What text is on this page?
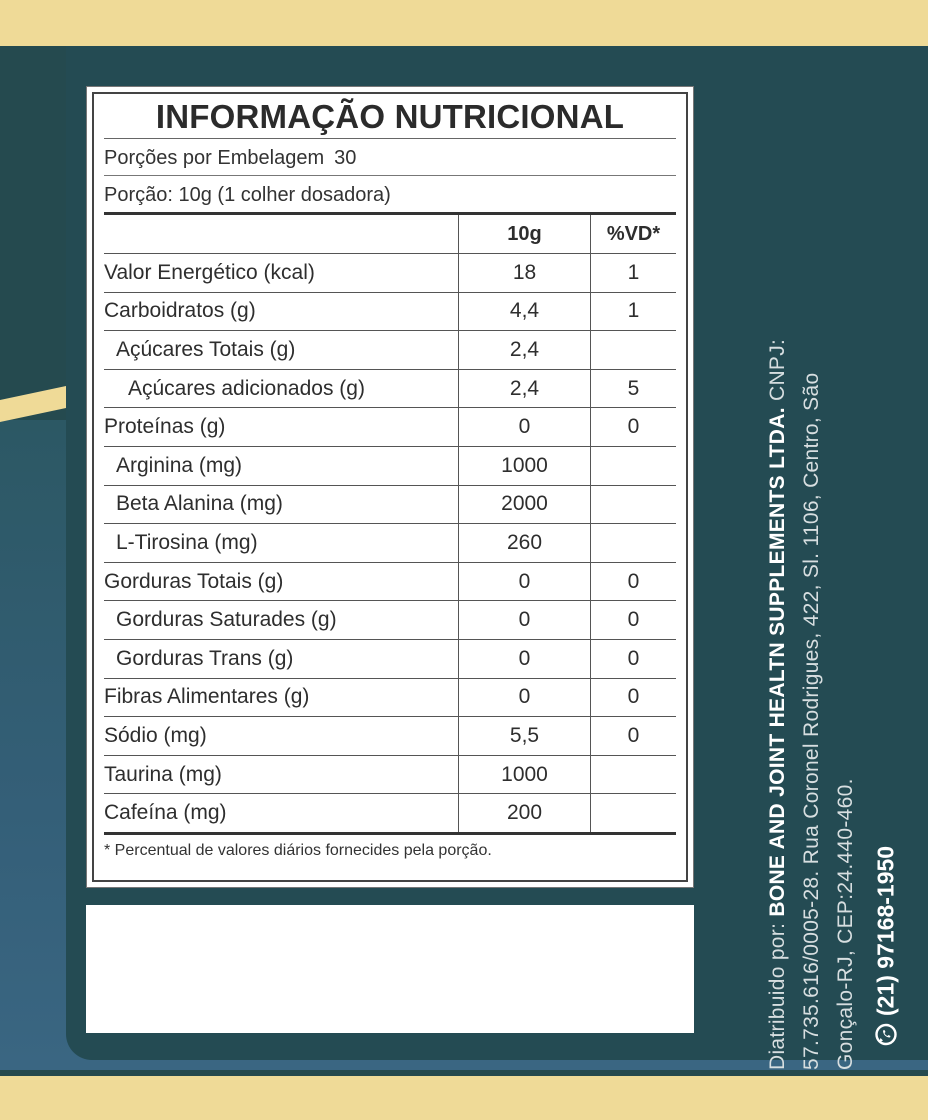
INFORMAÇÃO NUTRICIONAL
Porções por Embelagem 30
Porção: 10g (1 colher dosadora)
	10g	%VD*
Valor Energético (kcal)	18	1
Carboidratos (g)	4,4	1
Açúcares Totais (g)	2,4	
Açúcares adicionados (g)	2,4	5
Proteínas (g)	0	0
Arginina (mg)	1000	
Beta Alanina (mg)	2000	
L-Tirosina (mg)	260	
Gorduras Totais (g)	0	0
Gorduras Saturades (g)	0	0
Gorduras Trans (g)	0	0
Fibras Alimentares (g)	0	0
Sódio (mg)	5,5	0
Taurina (mg)	1000	
Cafeína (mg)	200	
* Percentual de valores diários fornecides pela porção.
Diatribuido por: BONE AND JOINT HEALTN SUPPLEMENTS LTDA. CNPJ:
57.735.616/0005-28. Rua Coronel Rodrigues, 422, Sl. 1106, Centro, São Gonçalo-RJ, CEP:24.440-460. (21) 97168-1950
